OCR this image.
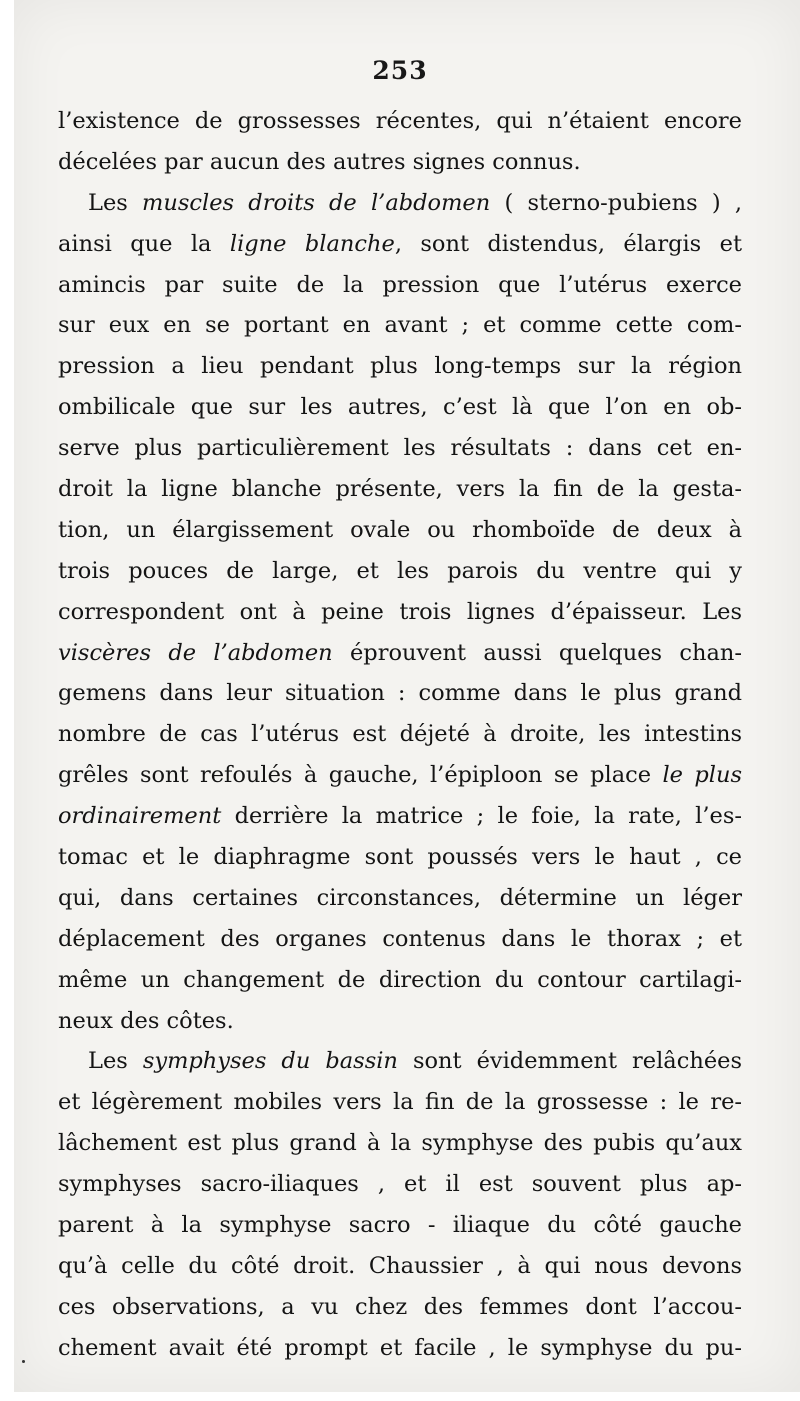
253
l’existence de grossesses récentes, qui n’étaient encore
décelées par aucun des autres signes connus.
Les muscles droits de l’abdomen ( sterno-pubiens ) ,
ainsi que la ligne blanche, sont distendus, élargis et
amincis par suite de la pression que l’utérus exerce
sur eux en se portant en avant ; et comme cette com-
pression a lieu pendant plus long-temps sur la région
ombilicale que sur les autres, c’est là que l’on en ob-
serve plus particulièrement les résultats : dans cet en-
droit la ligne blanche présente, vers la fin de la gesta-
tion, un élargissement ovale ou rhomboïde de deux à
trois pouces de large, et les parois du ventre qui y
correspondent ont à peine trois lignes d’épaisseur. Les
viscères de l’abdomen éprouvent aussi quelques chan-
gemens dans leur situation : comme dans le plus grand
nombre de cas l’utérus est déjeté à droite, les intestins
grêles sont refoulés à gauche, l’épiploon se place le plus
ordinairement derrière la matrice ; le foie, la rate, l’es-
tomac et le diaphragme sont poussés vers le haut , ce
qui, dans certaines circonstances, détermine un léger
déplacement des organes contenus dans le thorax ; et
même un changement de direction du contour cartilagi-
neux des côtes.
Les symphyses du bassin sont évidemment relâchées
et légèrement mobiles vers la fin de la grossesse : le re-
lâchement est plus grand à la symphyse des pubis qu’aux
symphyses sacro-iliaques , et il est souvent plus ap-
parent à la symphyse sacro - iliaque du côté gauche
qu’à celle du côté droit. Chaussier , à qui nous devons
ces observations, a vu chez des femmes dont l’accou-
chement avait été prompt et facile , le symphyse du pu-
